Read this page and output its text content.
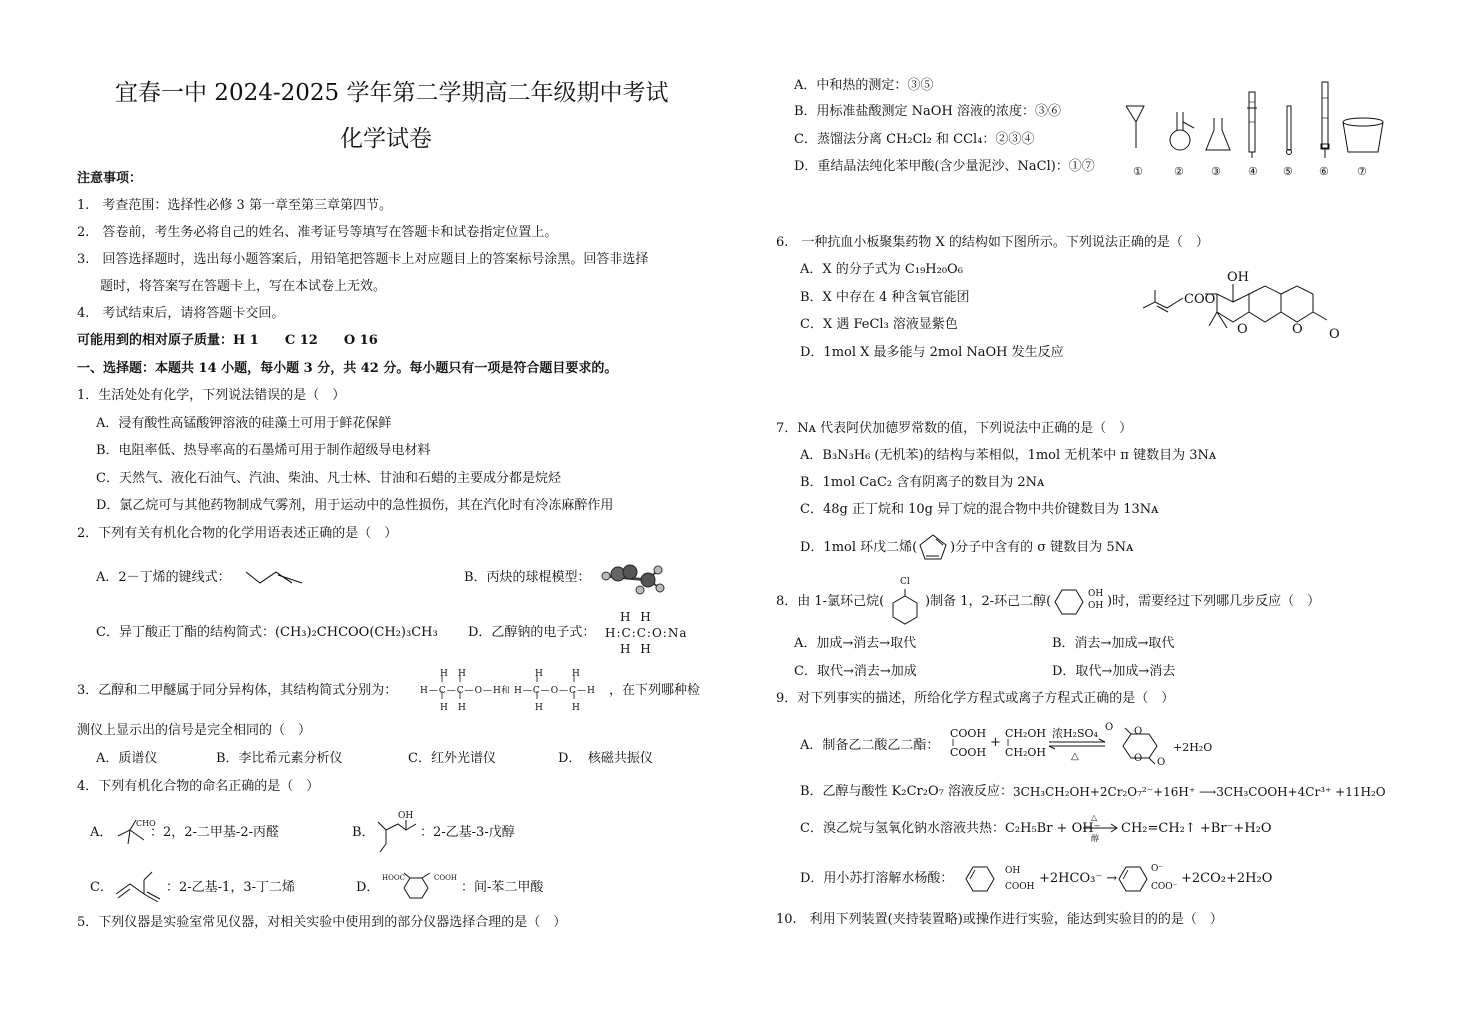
宜春一中 2024-2025 学年第二学期高二年级期中考试
化学试卷
注意事项：
1.　考查范围：选择性必修 3 第一章至第三章第四节。
2.　答卷前，考生务必将自己的姓名、准考证号等填写在答题卡和试卷指定位置上。
3.　回答选择题时，选出每小题答案后，用铅笔把答题卡上对应题目上的答案标号涂黑。回答非选择
题时，将答案写在答题卡上，写在本试卷上无效。
4.　考试结束后，请将答题卡交回。
可能用到的相对原子质量：H 1　　C 12　　O 16
一、选择题：本题共 14 小题，每小题 3 分，共 42 分。每小题只有一项是符合题目要求的。
1．生活处处有化学，下列说法错误的是（　）
A．浸有酸性高锰酸钾溶液的硅藻土可用于鲜花保鲜
B．电阻率低、热导率高的石墨烯可用于制作超级导电材料
C．天然气、液化石油气、汽油、柴油、凡士林、甘油和石蜡的主要成分都是烷烃
D．氯乙烷可与其他药物制成气雾剂，用于运动中的急性损伤，其在汽化时有冷冻麻醉作用
2．下列有关有机化合物的化学用语表述正确的是（　）
A．2－丁烯的键线式：	B．丙炔的球棍模型：
C．异丁酸正丁酯的结构简式：(CH₃)₂CHCOO(CH₂)₃CH₃ D．乙醇钠的电子式：
H H
H:C:C:O:Na
H H
3．乙醇和二甲醚属于同分异构体，其结构简式分别为：	H—C—C—O—H 和 H—C—O—C—H
H H
H H
H	H
H	H
，在下列哪种检
测仪上显示出的信号是完全相同的（　）
A．质谱仪	B．李比希元素分析仪	C．红外光谱仪	D．　核磁共振仪
4．下列有机化合物的命名正确的是（　）
A．
CHO
：2，2-二甲基-2-丙醛	B．
OH
：2-乙基-3-戊醇
C．	：2-乙基-1，3-丁二烯	D．
HOOC	COOH
：间-苯二甲酸
5．下列仪器是实验室常见仪器，对相关实验中使用到的部分仪器选择合理的是（　）
A．中和热的测定：③⑤
B．用标准盐酸测定 NaOH 溶液的浓度：③⑥
C．蒸馏法分离 CH₂Cl₂ 和 CCl₄：②③④
D．重结晶法纯化苯甲酸(含少量泥沙、NaCl)：①⑦	①	② ③ ④ ⑤ ⑥	⑦
6.　一种抗血小板聚集药物 X 的结构如下图所示。下列说法正确的是（　）
A．X 的分子式为 C₁₉H₂₀O₆
B．X 中存在 4 种含氧官能团
C．X 遇 FeCl₃ 溶液显紫色
D．1mol X 最多能与 2mol NaOH 发生反应
OH
COO
O	O O
7．Nᴀ 代表阿伏加德罗常数的值，下列说法中正确的是（　）
A．B₃N₃H₆ (无机苯)的结构与苯相似，1mol 无机苯中 π 键数目为 3Nᴀ
B．1mol CaC₂ 含有阴离子的数目为 2Nᴀ
C．48g 正丁烷和 10g 异丁烷的混合物中共价键数目为 13Nᴀ
D．1mol 环戊二烯(	)分子中含有的 σ 键数目为 5Nᴀ
8．由 1-氯环己烷(
Cl
)制备 1，2-环己二醇(	OH
OH )时，需要经过下列哪几步反应（　）
A．加成→消去→取代	B．消去→加成→取代
C．取代→消去→加成	D．取代→加成→消去
9．对下列事实的描述，所给化学方程式或离子方程式正确的是（　）
A．制备乙二酸乙二酯：
COOH
COOH
+
CH₂OH
CH₂OH
浓H₂SO₄
△
O O
O O
+2H₂O
B．乙醇与酸性 K₂Cr₂O₇ 溶液反应： 3CH₃CH₂OH+2Cr₂O₇²⁻+16H⁺ ⟶3CH₃COOH+4Cr³⁺ +11H₂O
C．溴乙烷与氢氧化钠水溶液共热：C₂H₅Br + OH⁻
△
醇
CH₂=CH₂↑ +Br⁻+H₂O
D．用小苏打溶解水杨酸：	OH
COOH
+2HCO₃⁻ →
O⁻
COO⁻
+2CO₂+2H₂O
10.　利用下列装置(夹持装置略)或操作进行实验，能达到实验目的的是（　）
